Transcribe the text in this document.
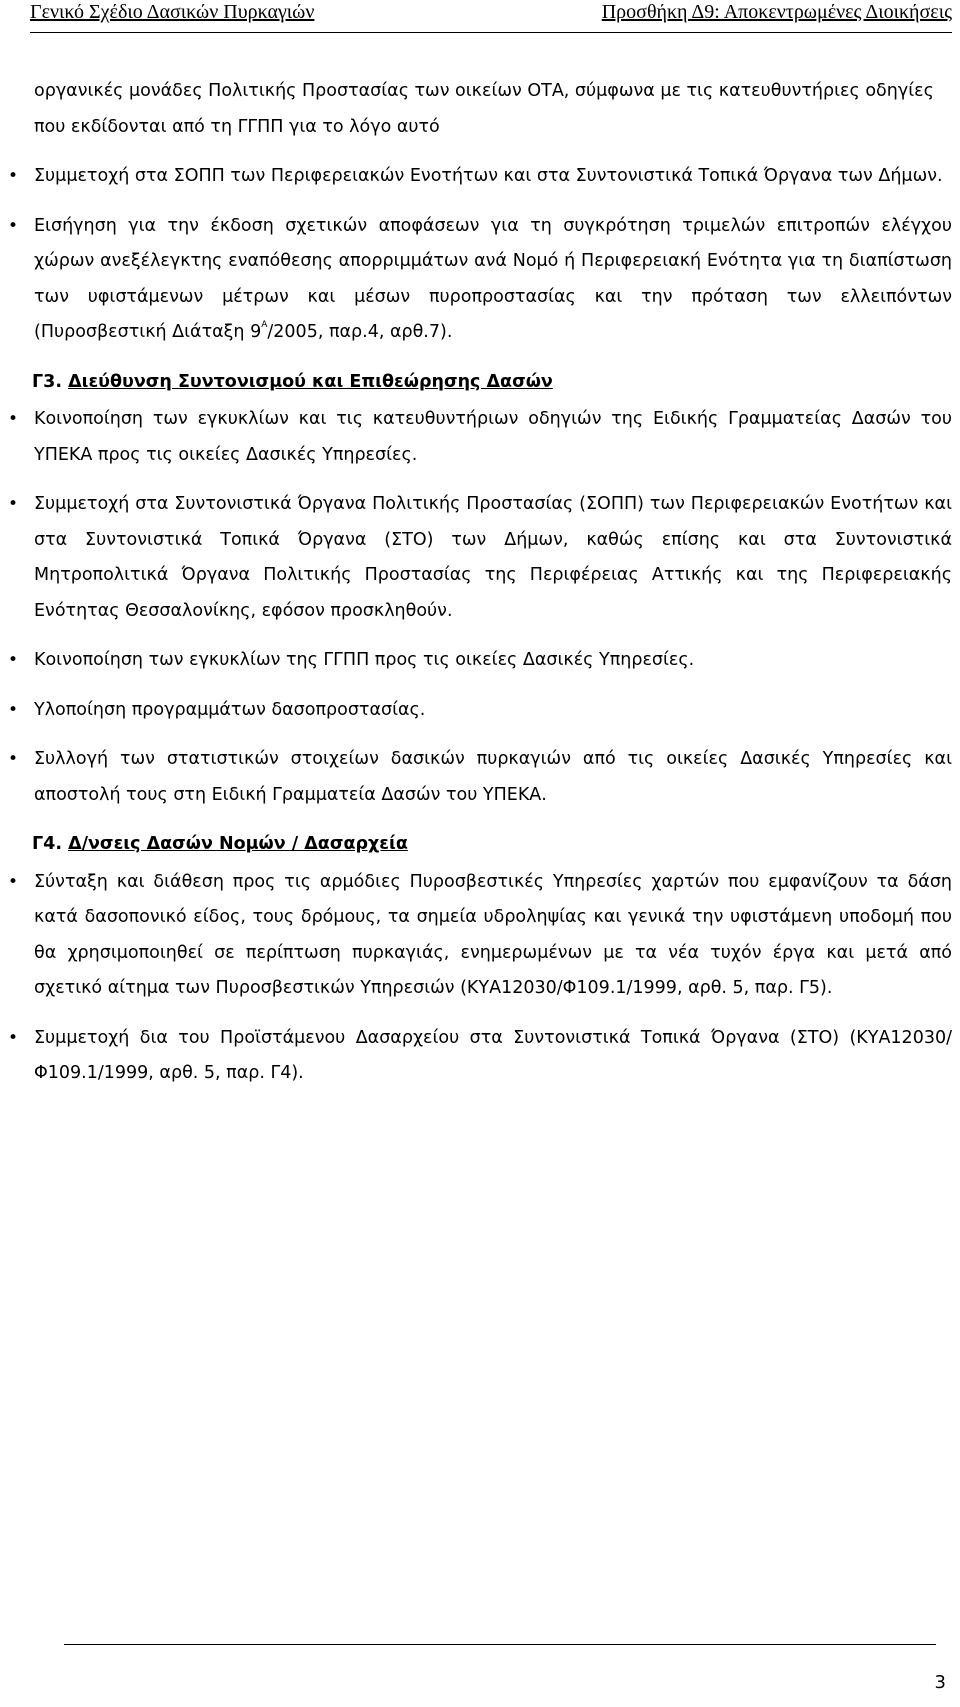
Γενικό Σχέδιο Δασικών Πυρκαγιών	Προσθήκη Δ9: Αποκεντρωμένες Διοικήσεις

οργανικές μονάδες Πολιτικής Προστασίας των οικείων ΟΤΑ, σύμφωνα με τις κατευθυντήριες οδηγίες που εκδίδονται από τη ΓΓΠΠ για το λόγο αυτό

• Συμμετοχή στα ΣΟΠΠ των Περιφερειακών Ενοτήτων και στα Συντονιστικά Τοπικά Όργανα των Δήμων.
• Εισήγηση για την έκδοση σχετικών αποφάσεων για τη συγκρότηση τριμελών επιτροπών ελέγχου χώρων ανεξέλεγκτης εναπόθεσης απορριμμάτων ανά Νομό ή Περιφερειακή Ενότητα για τη διαπίστωση των υφιστάμενων μέτρων και μέσων πυροπροστασίας και την πρόταση των ελλειπόντων (Πυροσβεστική Διάταξη $9^A/2005$, παρ.4, αρθ.7).

Γ3. Διεύθυνση Συντονισμού και Επιθεώρησης Δασών

• Κοινοποίηση των εγκυκλίων και τις κατευθυντήριων οδηγιών της Ειδικής Γραμματείας Δασών του ΥΠΕΚΑ προς τις οικείες Δασικές Υπηρεσίες.
• Συμμετοχή στα Συντονιστικά Όργανα Πολιτικής Προστασίας (ΣΟΠΠ) των Περιφερειακών Ενοτήτων και στα Συντονιστικά Τοπικά Όργανα (ΣΤΟ) των Δήμων, καθώς επίσης και στα Συντονιστικά Μητροπολιτικά Όργανα Πολιτικής Προστασίας της Περιφέρειας Αττικής και της Περιφερειακής Ενότητας Θεσσαλονίκης, εφόσον προσκληθούν.
• Κοινοποίηση των εγκυκλίων της ΓΓΠΠ προς τις οικείες Δασικές Υπηρεσίες.
• Υλοποίηση προγραμμάτων δασοπροστασίας.
• Συλλογή των στατιστικών στοιχείων δασικών πυρκαγιών από τις οικείες Δασικές Υπηρεσίες και αποστολή τους στη Ειδική Γραμματεία Δασών του ΥΠΕΚΑ.

Γ4. Δ/νσεις Δασών Νομών / Δασαρχεία

• Σύνταξη και διάθεση προς τις αρμόδιες Πυροσβεστικές Υπηρεσίες χαρτών που εμφανίζουν τα δάση κατά δασοπονικό είδος, τους δρόμους, τα σημεία υδροληψίας και γενικά την υφιστάμενη υποδομή που θα χρησιμοποιηθεί σε περίπτωση πυρκαγιάς, ενημερωμένων με τα νέα τυχόν έργα και μετά από σχετικό αίτημα των Πυροσβεστικών Υπηρεσιών (ΚΥΑ12030/Φ109.1/1999, αρθ. 5, παρ. Γ5).
• Συμμετοχή δια του Προϊστάμενου Δασαρχείου στα Συντονιστικά Τοπικά Όργανα (ΣΤΟ) (ΚΥΑ12030/Φ109.1/1999, αρθ. 5, παρ. Γ4).
3
